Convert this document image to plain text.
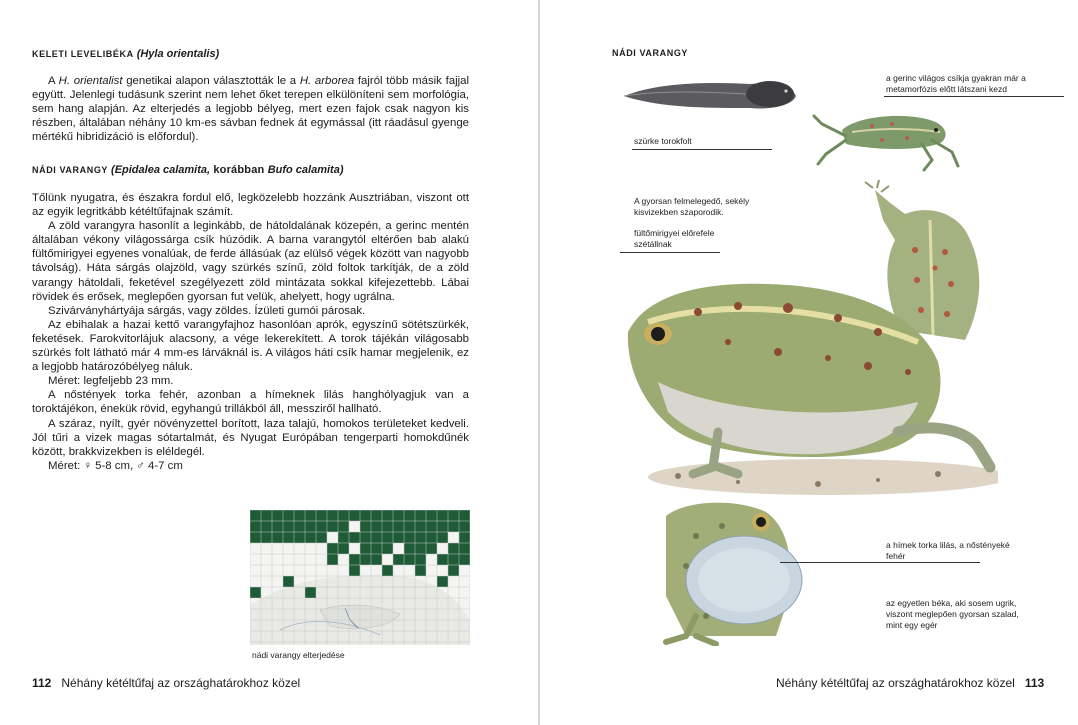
KELETI LEVELIBÉKA (Hyla orientalis)

A H. orientalist genetikai alapon választották le a H. arborea fajról több másik fajjal együtt. Jelenlegi tudásunk szerint nem lehet őket terepen elkülöníteni sem morfológia, sem hang alapján. Az elterjedés a legjobb bélyeg, mert ezen fajok csak nagyon kis részben, általában néhány 10 km-es sávban fednek át egymással (itt ráadásul gyenge mértékű hibridizáció is előfordul).

NÁDI VARANGY (Epidalea calamita, korábban Bufo calamita)

Tőlünk nyugatra, és északra fordul elő, legközelebb hozzánk Ausztriában, viszont ott az egyik legritkább kétéltűfajnak számít.

A zöld varangyra hasonlít a leginkább, de hátoldalának közepén, a gerinc mentén általában vékony világossárga csík húzódik. A barna varangytól eltérően bab alakú fültőmirigyei egyenes vonalúak, de ferde állásúak (az elülső végek között van nagyobb távolság). Háta sárgás olajzöld, vagy szürkés színű, zöld foltok tarkítják, de a zöld varangy hátoldali, feketével szegélyezett zöld mintázata sokkal kifejezettebb. Lábai rövidek és erősek, meglepően gyorsan fut velük, ahelyett, hogy ugrálna.

Szivárványhártyája sárgás, vagy zöldes. Ízületi gumói párosak.

Az ebihalak a hazai kettő varangyfajhoz hasonlóan aprók, egyszínű sötétszürkék, feketések. Farokvitorlájuk alacsony, a vége lekerekített. A torok tájékán világosabb szürkés folt látható már 4 mm-es lárváknál is. A világos háti csík hamar megjelenik, ez a legjobb határozóbélyeg náluk.

Méret: legfeljebb 23 mm.

A nőstények torka fehér, azonban a hímeknek lilás hanghólyagjuk van a toroktájékon, énekük rövid, egyhangú trillákból áll, messziről hallható.

A száraz, nyílt, gyér növényzettel borított, laza talajú, homokos területeket kedveli. Jól tűri a vizek magas sótartalmát, és Nyugat Európában tengerparti homokdűnék között, brakkvizekben is eléldegél.

Méret: ♀ 5-8 cm, ♂ 4-7 cm

nádi varangy elterjedése
112 Néhány kétéltűfaj az országhatárokhoz közel
NÁDI VARANGY
szürke torokfolt
a gerinc világos csíkja gyakran már a metamorfózis előtt látszani kezd
A gyorsan felmelegedő, sekély kisvizekben szaporodik.
fültőmirigyei előrefele szétállnak
a hímek torka lilás, a nőstényeké fehér
az egyetlen béka, aki sosem ugrik, viszont meglepően gyorsan szalad, mint egy egér
Néhány kétéltűfaj az országhatárokhoz közel 113
